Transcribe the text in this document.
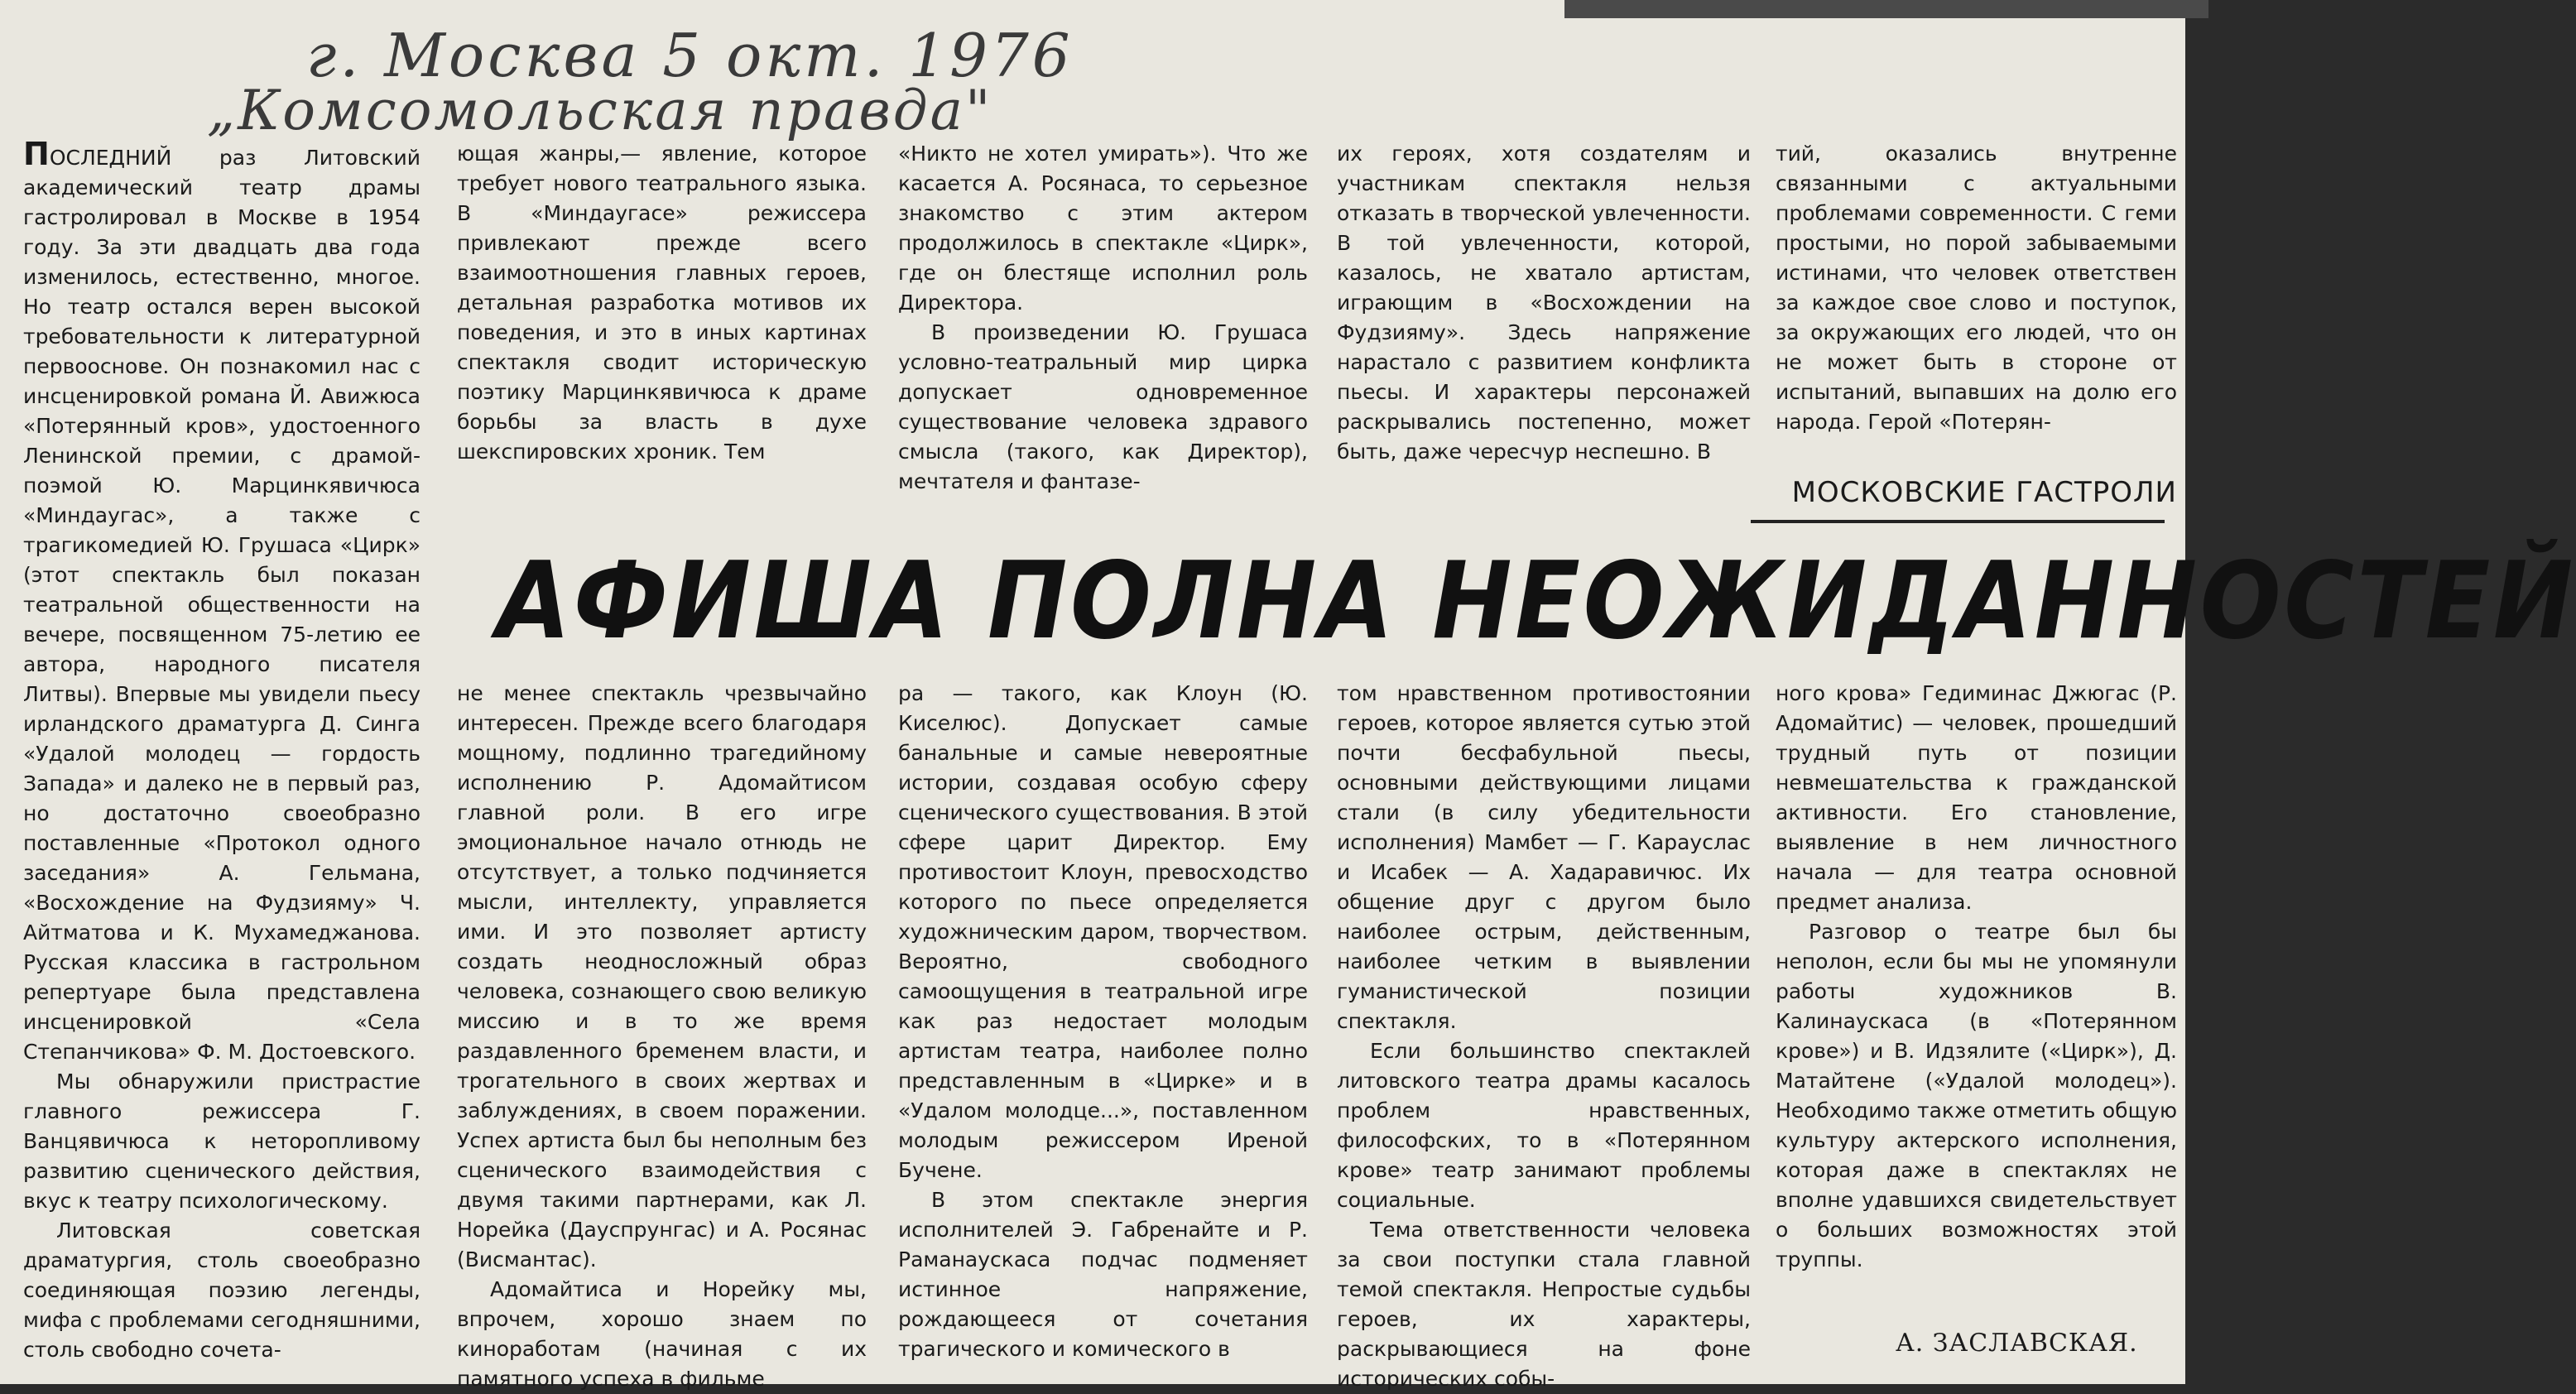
г. Москва 5 окт. 1976
„Комсомольская правда"

ПОСЛЕДНИЙ раз Литовский академический театр драмы гастролировал в Москве в 1954 году. За эти двадцать два года изменилось, естественно, многое. Но театр остался верен высокой требовательности к литературной первооснове. Он познакомил нас с инсценировкой романа Й. Авижюса «Потерянный кров», удостоенного Ленинской премии, с драмой-поэмой Ю. Марцинкявичюса «Миндаугас», а также с трагикомедией Ю. Грушаса «Цирк» (этот спектакль был показан театральной общественности на вечере, посвященном 75-летию ее автора, народного писателя Литвы). Впервые мы увидели пьесу ирландского драматурга Д. Синга «Удалой молодец — гордость Запада» и далеко не в первый раз, но достаточно своеобразно поставленные «Протокол одного заседания» А. Гельмана, «Восхождение на Фудзияму» Ч. Айтматова и К. Мухамеджанова. Русская классика в гастрольном репертуаре была представлена инсценировкой «Села Степанчикова» Ф. М. Достоевского.

Мы обнаружили пристрастие главного режиссера Г. Ванцявичюса к неторопливому развитию сценического действия, вкус к театру психологическому.

Литовская советская драматургия, столь своеобразно соединяющая поэзию легенды, мифа с проблемами сегодняшними, столь свободно сочета-

ющая жанры,— явление, которое требует нового театрального языка. В «Миндаугасе» режиссера привлекают прежде всего взаимоотношения главных героев, детальная разработка мотивов их поведения, и это в иных картинах спектакля сводит историческую поэтику Марцинкявичюса к драме борьбы за власть в духе шекспировских хроник. Тем

«Никто не хотел умирать»). Что же касается А. Росянаса, то серьезное знакомство с этим актером продолжилось в спектакле «Цирк», где он блестяще исполнил роль Директора.

В произведении Ю. Грушаса условно-театральный мир цирка допускает одновременное существование человека здравого смысла (такого, как Директор), мечтателя и фантазе-

их героях, хотя создателям и участникам спектакля нельзя отказать в творческой увлеченности. В той увлеченности, которой, казалось, не хватало артистам, играющим в «Восхождении на Фудзияму». Здесь напряжение нарастало с развитием конфликта пьесы. И характеры персонажей раскрывались постепенно, может быть, даже чересчур неспешно. В

тий, оказались внутренне связанными с актуальными проблемами современности. С геми простыми, но порой забываемыми истинами, что человек ответствен за каждое свое слово и поступок, за окружающих его людей, что он не может быть в стороне от испытаний, выпавших на долю его народа. Герой «Потерян-

МОСКОВСКИЕ ГАСТРОЛИ
АФИША ПОЛНА НЕОЖИДАННОСТЕЙ

не менее спектакль чрезвычайно интересен. Прежде всего благодаря мощному, подлинно трагедийному исполнению Р. Адомайтисом главной роли. В его игре эмоциональное начало отнюдь не отсутствует, а только подчиняется мысли, интеллекту, управляется ими. И это позволяет артисту создать неодносложный образ человека, сознающего свою великую миссию и в то же время раздавленного бременем власти, и трогательного в своих жертвах и заблуждениях, в своем поражении. Успех артиста был бы неполным без сценического взаимодействия с двумя такими партнерами, как Л. Норейка (Дауспрунгас) и А. Росянас (Висмантас).

Адомайтиса и Норейку мы, впрочем, хорошо знаем по киноработам (начиная с их памятного успеха в фильме

ра — такого, как Клоун (Ю. Киселюс). Допускает самые банальные и самые невероятные истории, создавая особую сферу сценического существования. В этой сфере царит Директор. Ему противостоит Клоун, превосходство которого по пьесе определяется художническим даром, творчеством. Вероятно, свободного самоощущения в театральной игре как раз недостает молодым артистам театра, наиболее полно представленным в «Цирке» и в «Удалом молодце...», поставленном молодым режиссером Иреной Бучене.

В этом спектакле энергия исполнителей Э. Габренайте и Р. Раманаускаса подчас подменяет истинное напряжение, рождающееся от сочетания трагического и комического в

том нравственном противостоянии героев, которое является сутью этой почти бесфабульной пьесы, основными действующими лицами стали (в силу убедительности исполнения) Мамбет — Г. Карауслас и Исабек — А. Хадаравичюс. Их общение друг с другом было наиболее острым, действенным, наиболее четким в выявлении гуманистической позиции спектакля.

Если большинство спектаклей литовского театра драмы касалось проблем нравственных, философских, то в «Потерянном крове» театр занимают проблемы социальные.

Тема ответственности человека за свои поступки стала главной темой спектакля. Непростые судьбы героев, их характеры, раскрывающиеся на фоне исторических собы-

ного крова» Гедиминас Джюгас (Р. Адомайтис) — человек, прошедший трудный путь от позиции невмешательства к гражданской активности. Его становление, выявление в нем личностного начала — для театра основной предмет анализа.

Разговор о театре был бы неполон, если бы мы не упомянули работы художников В. Калинаускаса (в «Потерянном крове») и В. Идзялите («Цирк»), Д. Матайтене («Удалой молодец»). Необходимо также отметить общую культуру актерского исполнения, которая даже в спектаклях не вполне удавшихся свидетельствует о больших возможностях этой труппы.

А. ЗАСЛАВСКАЯ.
